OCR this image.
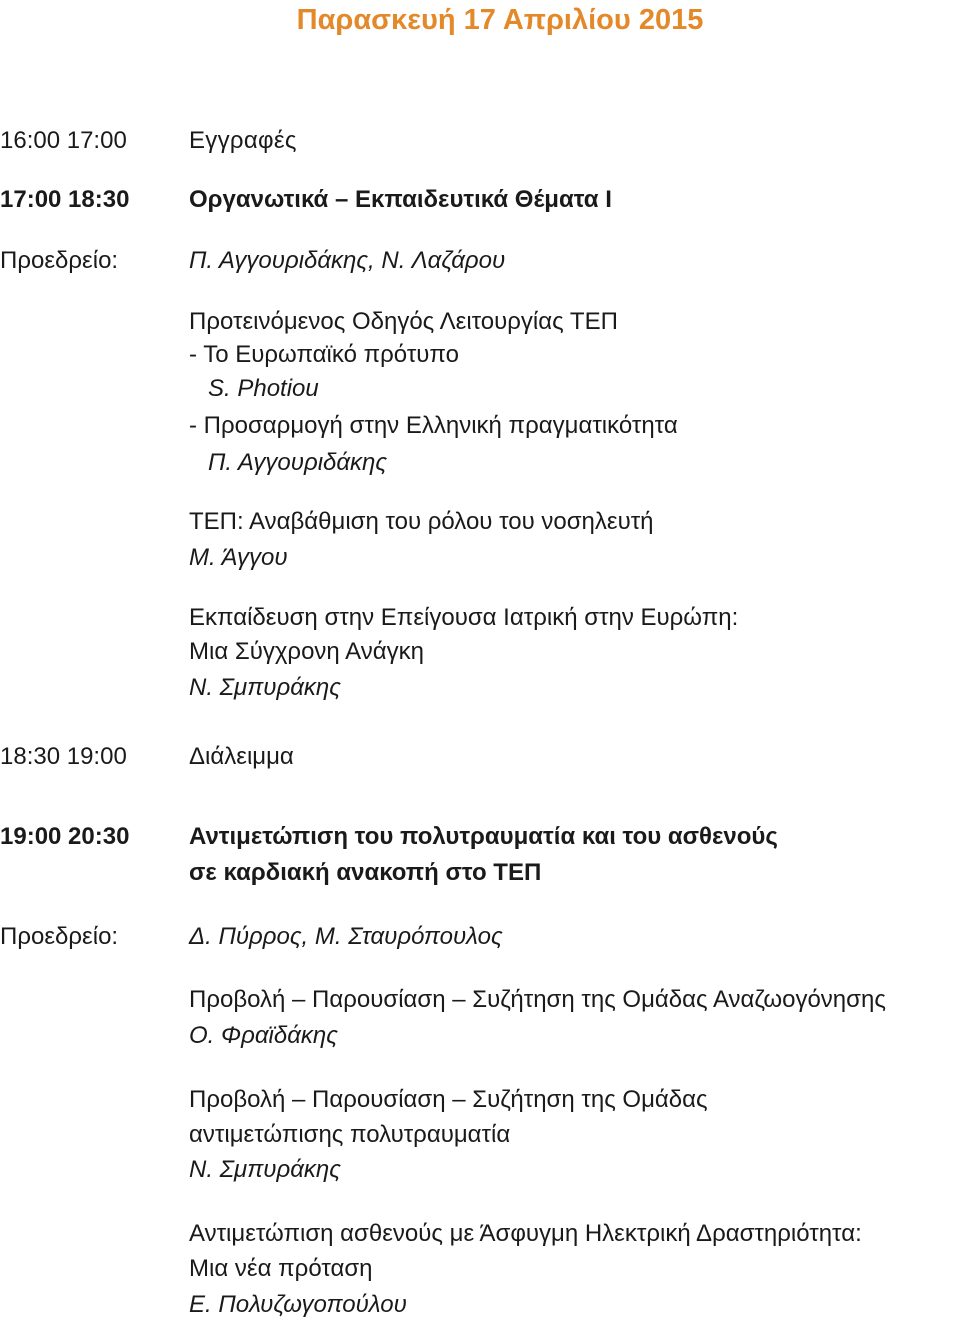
Παρασκευή 17 Απριλίου 2015
16:00 17:00	Εγγραφές
17:00 18:30 Οργανωτικά – Εκπαιδευτικά Θέματα Ι
Προεδρείο:	Π. Αγγουριδάκης, Ν. Λαζάρου
Προτεινόμενος Οδηγός Λειτουργίας ΤΕΠ
- Το Ευρωπαϊκό πρότυπο
S. Photiou
- Προσαρμογή στην Ελληνική πραγματικότητα
Π. Αγγουριδάκης
ΤΕΠ: Αναβάθμιση του ρόλου του νοσηλευτή
Μ. Άγγου
Εκπαίδευση στην Επείγουσα Ιατρική στην Ευρώπη:
Μια Σύγχρονη Ανάγκη
Ν. Σμπυράκης
18:30 19:00	Διάλειμμα
19:00 20:30 Αντιμετώπιση του πολυτραυματία και του ασθενούς
σε καρδιακή ανακοπή στο ΤΕΠ
Προεδρείο:	Δ. Πύρρος, Μ. Σταυρόπουλος
Προβολή – Παρουσίαση – Συζήτηση της Ομάδας Αναζωογόνησης
Ο. Φραϊδάκης
Προβολή – Παρουσίαση – Συζήτηση της Ομάδας
αντιμετώπισης πολυτραυματία
Ν. Σμπυράκης
Αντιμετώπιση ασθενούς με Άσφυγμη Ηλεκτρική Δραστηριότητα:
Μια νέα πρόταση
Ε. Πολυζωγοπούλου
